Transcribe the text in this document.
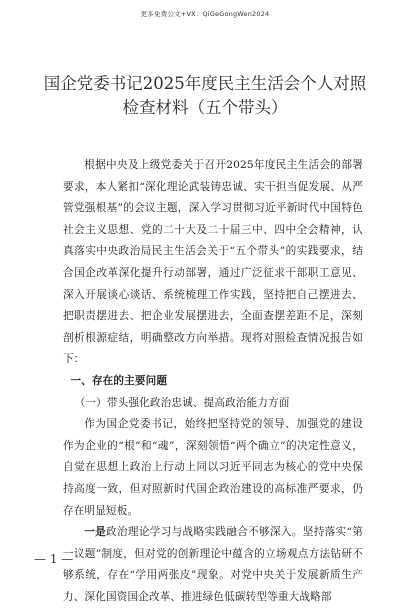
更多免费公文+VX：QiGeGongWen2024
国企党委书记2025年度民主生活会个人对照检查材料（五个带头）

根据中央及上级党委关于召开2025年度民主生活会的部署要求，本人紧扣“深化理论武装铸忠诚、实干担当促发展、从严管党强根基”的会议主题，深入学习贯彻习近平新时代中国特色社会主义思想、党的二十大及二十届三中、四中全会精神，认真落实中央政治局民主生活会关于“五个带头”的实践要求，结合国企改革深化提升行动部署，通过广泛征求干部职工意见、深入开展谈心谈话、系统梳理工作实践，坚持把自己摆进去、把职责摆进去、把企业发展摆进去，全面查摆差距不足，深刻剖析根源症结，明确整改方向举措。现将对照检查情况报告如下：

一、存在的主要问题

（一）带头强化政治忠诚、提高政治能力方面

作为国企党委书记，始终把坚持党的领导、加强党的建设作为企业的“根”和“魂”，深刻领悟“两个确立”的决定性意义，自觉在思想上政治上行动上同以习近平同志为核心的党中央保持高度一致，但对照新时代国企政治建设的高标准严要求，仍存在明显短板。

一是政治理论学习与战略实践融合不够深入。坚持落实“第一议题”制度，但对党的创新理论中蕴含的立场观点方法钻研不够系统，存在“学用两张皮”现象。对党中央关于发展新质生产力、深化国资国企改革、推进绿色低碳转型等重大战略部

— 1 —
